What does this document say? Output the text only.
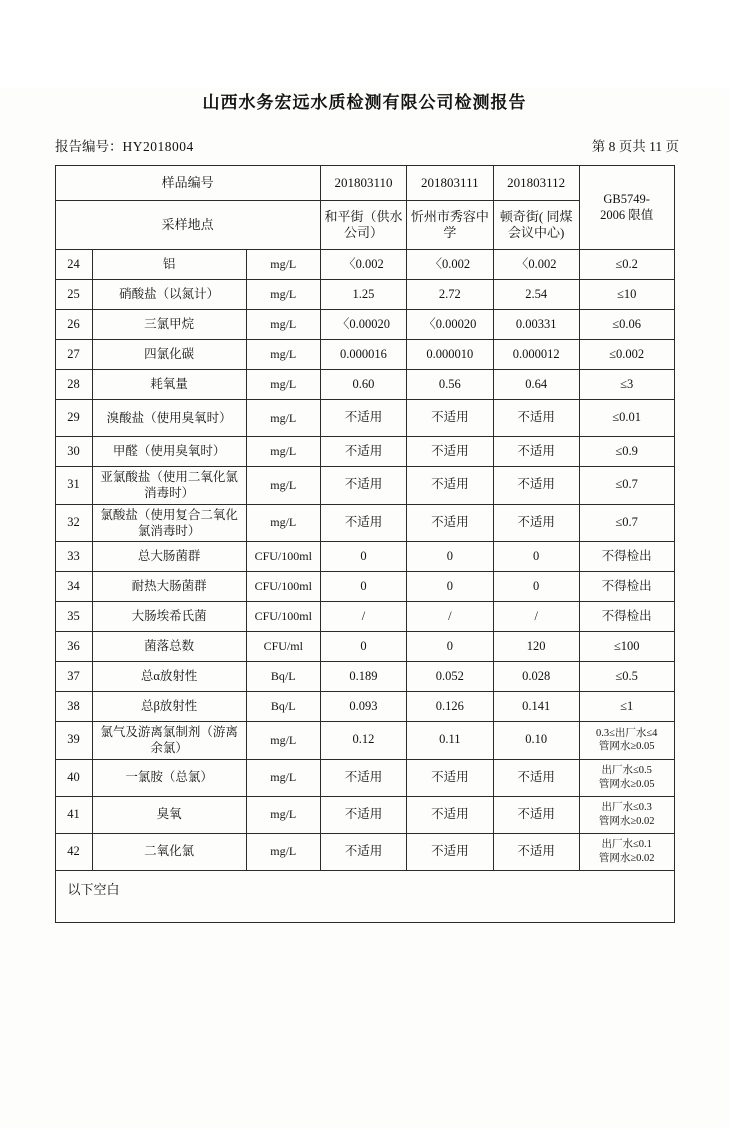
山西水务宏远水质检测有限公司检测报告
报告编号：HY2018004	第 8 页共 11 页
样品编号			201803110	201803111	201803112	GB5749-
2006 限值

采样地点			和平街（供水公司）	忻州市秀容中学	顿奇街( 同煤会议中心)	
24	铝	mg/L	〈0.002	〈0.002	〈0.002	≤0.2
25	硝酸盐（以氮计）	mg/L	1.25	2.72	2.54	≤10
26	三氯甲烷	mg/L	〈0.00020	〈0.00020	0.00331	≤0.06
27	四氯化碳	mg/L	0.000016	0.000010	0.000012	≤0.002
28	耗氧量	mg/L	0.60	0.56	0.64	≤3
29	溴酸盐（使用臭氧时）	mg/L	不适用	不适用	不适用	≤0.01
30	甲醛（使用臭氧时）	mg/L	不适用	不适用	不适用	≤0.9
31	亚氯酸盐（使用二氧化氯消毒时）	mg/L	不适用	不适用	不适用	≤0.7
32	氯酸盐（使用复合二氧化氯消毒时）	mg/L	不适用	不适用	不适用	≤0.7
33	总大肠菌群	CFU/100ml	0	0	0	不得检出
34	耐热大肠菌群	CFU/100ml	0	0	0	不得检出
35	大肠埃希氏菌	CFU/100ml	/	/	/	不得检出
36	菌落总数	CFU/ml	0	0	120	≤100
37	总α放射性	Bq/L	0.189	0.052	0.028	≤0.5
38	总β放射性	Bq/L	0.093	0.126	0.141	≤1
39	氯气及游离氯制剂（游离余氯）	mg/L	0.12	0.11	0.10	0.3≤出厂水≤4
管网水≥0.05

40	一氯胺（总氯）	mg/L	不适用	不适用	不适用	出厂水≤0.5
管网水≥0.05

41	臭氧	mg/L	不适用	不适用	不适用	出厂水≤0.3
管网水≥0.02

42	二氧化氯	mg/L	不适用	不适用	不适用	出厂水≤0.1
管网水≥0.02
以下空白
